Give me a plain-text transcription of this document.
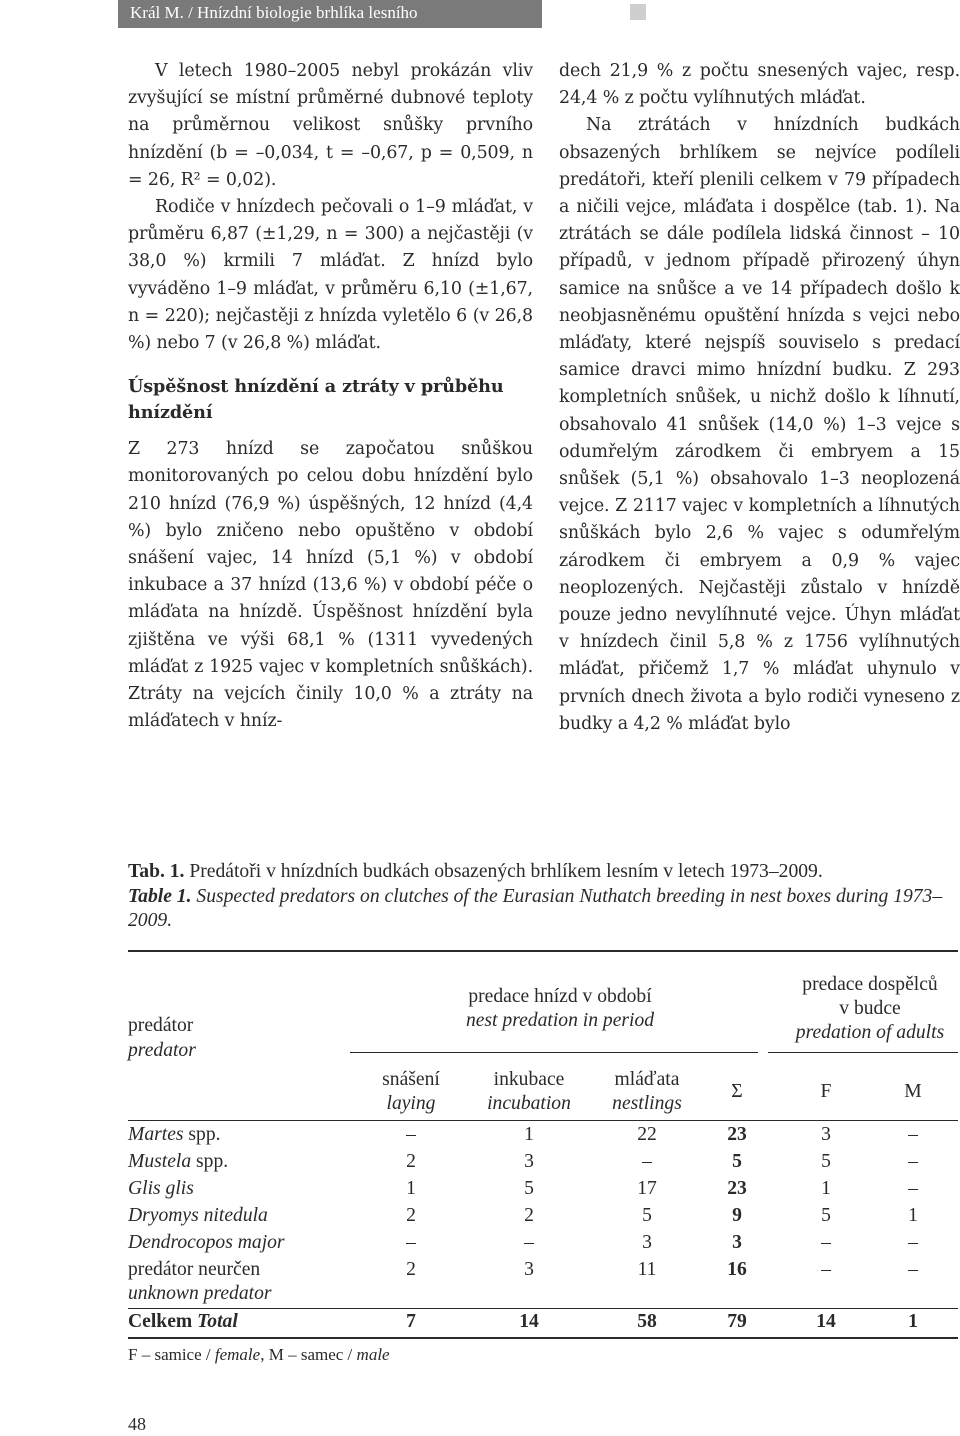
Král M. / Hnízdní biologie brhlíka lesního

V letech 1980–2005 nebyl prokázán vliv zvyšující se místní průměrné dubnové teploty na průměrnou velikost snůšky prvního hnízdění (b = –0,034, t = –0,67, p = 0,509, n = 26, R² = 0,02).

Rodiče v hnízdech pečovali o 1–9 mláďat, v průměru 6,87 (±1,29, n = 300) a nejčastěji (v 38,0 %) krmili 7 mláďat. Z hnízd bylo vyváděno 1–9 mláďat, v průměru 6,10 (±1,67, n = 220); nejčastěji z hnízda vyletělo 6 (v 26,8 %) nebo 7 (v 26,8 %) mláďat.

Úspěšnost hnízdění a ztráty v průběhu hnízdění

Z 273 hnízd se započatou snůškou monitorovaných po celou dobu hnízdění bylo 210 hnízd (76,9 %) úspěšných, 12 hnízd (4,4 %) bylo zničeno nebo opuštěno v období snášení vajec, 14 hnízd (5,1 %) v období inkubace a 37 hnízd (13,6 %) v období péče o mláďata na hnízdě. Úspěšnost hnízdění byla zjištěna ve výši 68,1 % (1311 vyvedených mláďat z 1925 vajec v kompletních snůškách). Ztráty na vejcích činily 10,0 % a ztráty na mláďatech v hníz-

dech 21,9 % z počtu snesených vajec, resp. 24,4 % z počtu vylíhnutých mláďat.

Na ztrátách v hnízdních budkách obsazených brhlíkem se nejvíce podíleli predátoři, kteří plenili celkem v 79 případech a ničili vejce, mláďata i dospělce (tab. 1). Na ztrátách se dále podílela lidská činnost – 10 případů, v jednom případě přirozený úhyn samice na snůšce a ve 14 případech došlo k neobjasněnému opuštění hnízda s vejci nebo mláďaty, které nejspíš souviselo s predací samice dravci mimo hnízdní budku. Z 293 kompletních snůšek, u nichž došlo k líhnutí, obsahovalo 41 snůšek (14,0 %) 1–3 vejce s odumřelým zárodkem či embryem a 15 snůšek (5,1 %) obsahovalo 1–3 neoplozená vejce. Z 2117 vajec v kompletních a líhnutých snůškách bylo 2,6 % vajec s odumřelým zárodkem či embryem a 0,9 % vajec neoplozených. Nejčastěji zůstalo v hnízdě pouze jedno nevylíhnuté vejce. Úhyn mláďat v hnízdech činil 5,8 % z 1756 vylíhnutých mláďat, přičemž 1,7 % mláďat uhynulo v prvních dnech života a bylo rodiči vyneseno z budky a 4,2 % mláďat bylo

Tab. 1. Predátoři v hnízdních budkách obsazených brhlíkem lesním v letech 1973–2009.

Table 1. Suspected predators on clutches of the Eurasian Nuthatch breeding in nest boxes during 1973–2009.

predátor
predator
predace hnízd v období
nest predation in period
predace dospělců
v budce
predation of adults
snášení
laying
inkubace
incubation
mláďata
nestlings
Σ	F	M
Martes spp.	–	1	22	23	3	–
Mustela spp.	2	3	–	5	5	–
Glis glis	1	5	17	23	1	–
Dryomys nitedula	2	2	5	9	5	1
Dendrocopos major	–	–	3	3	–	–
predátor neurčen
unknown predator
2	3	11	16	–	–
Celkem Total	7	14	58	79	14	1
F – samice / female, M – samec / male
48
